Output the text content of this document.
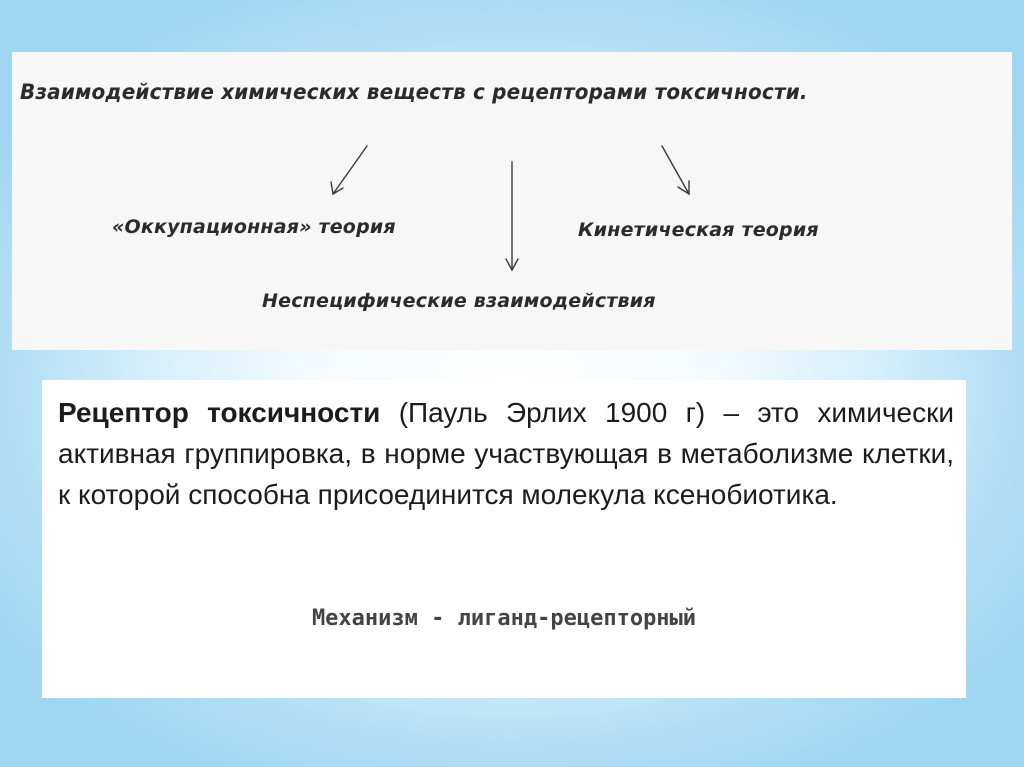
Взаимодействие химических веществ с рецепторами токсичности.
«Оккупационная» теория	Кинетическая теория
Неспецифические взаимодействия

Рецептор токсичности (Пауль Эрлих 1900 г) – это химически активная группировка, в норме участвующая в метаболизме клетки, к которой способна присоединится молекула ксенобиотика.

Механизм - лиганд-рецепторный
